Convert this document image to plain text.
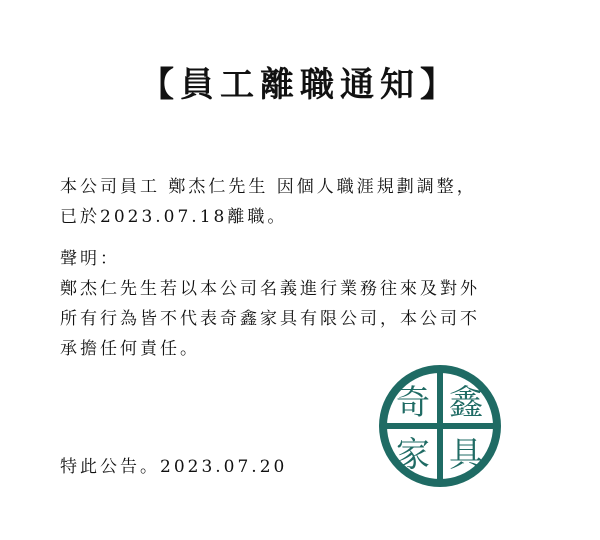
【員工離職通知】
本公司員工 鄭杰仁先生 因個人職涯規劃調整，
已於2023.07.18離職。
聲明：
鄭杰仁先生若以本公司名義進行業務往來及對外
所有行為皆不代表奇鑫家具有限公司，本公司不
承擔任何責任。
特此公告。2023.07.20
奇 鑫
家 具
